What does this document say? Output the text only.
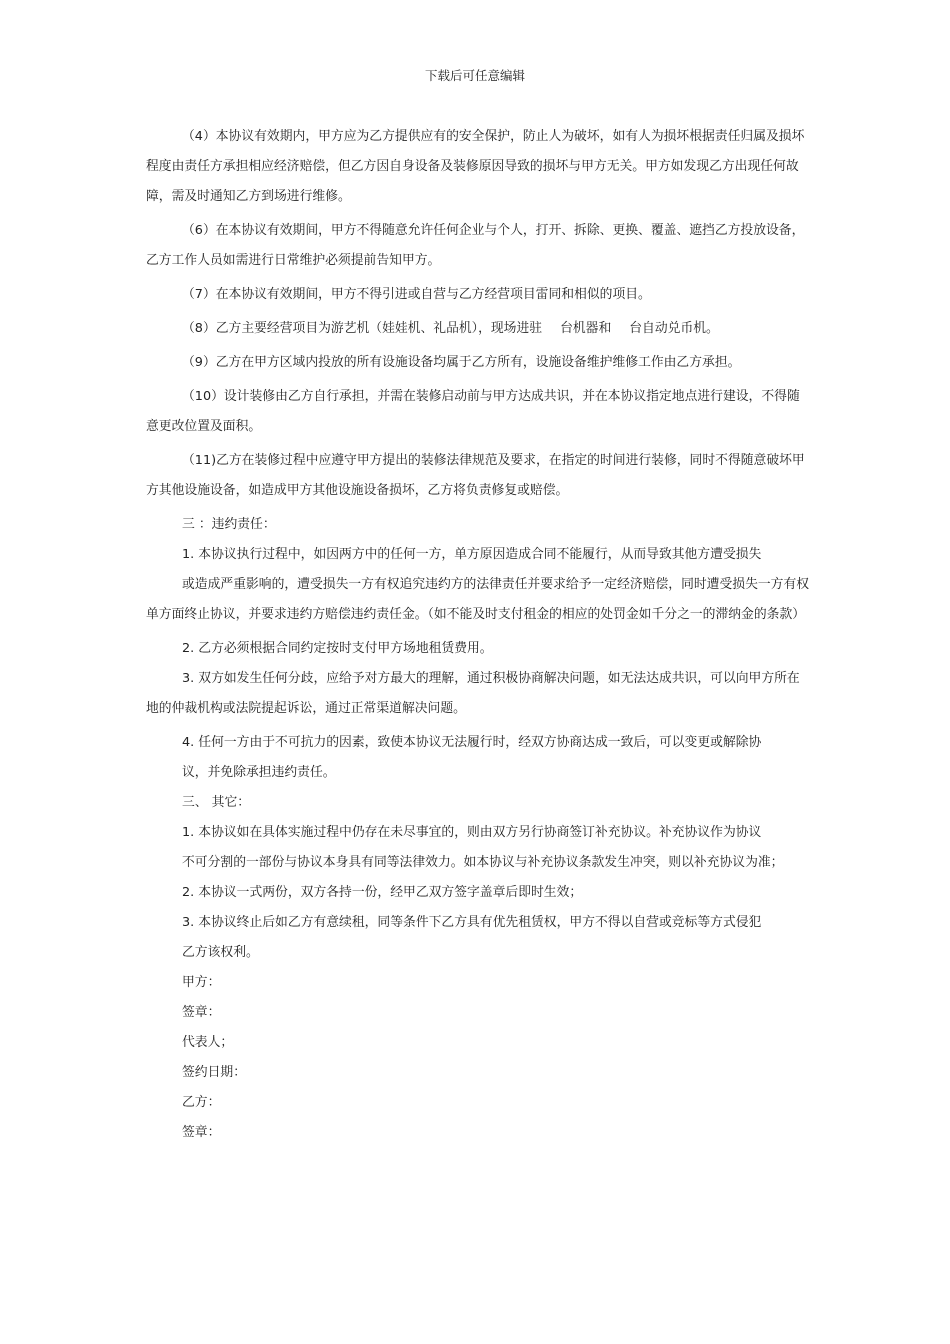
下载后可任意编辑

（4）本协议有效期内，甲方应为乙方提供应有的安全保护，防止人为破坏，如有人为损坏根据责任归属及损坏程度由责任方承担相应经济赔偿，但乙方因自身设备及装修原因导致的损坏与甲方无关。甲方如发现乙方出现任何故障，需及时通知乙方到场进行维修。

（6）在本协议有效期间，甲方不得随意允许任何企业与个人，打开、拆除、更换、覆盖、遮挡乙方投放设备，乙方工作人员如需进行日常维护必须提前告知甲方。

（7）在本协议有效期间，甲方不得引进或自营与乙方经营项目雷同和相似的项目。

（8）乙方主要经营项目为游艺机（娃娃机、礼品机），现场进驻 台机器和 台自动兑币机。

（9）乙方在甲方区域内投放的所有设施设备均属于乙方所有，设施设备维护维修工作由乙方承担。

（10）设计装修由乙方自行承担，并需在装修启动前与甲方达成共识，并在本协议指定地点进行建设，不得随意更改位置及面积。

（11)乙方在装修过程中应遵守甲方提出的装修法律规范及要求，在指定的时间进行装修，同时不得随意破坏甲方其他设施设备，如造成甲方其他设施设备损坏，乙方将负责修复或赔偿。

三 ：违约责任：

1. 本协议执行过程中，如因两方中的任何一方，单方原因造成合同不能履行，从而导致其他方遭受损失

或造成严重影响的，遭受损失一方有权追究违约方的法律责任并要求给予一定经济赔偿，同时遭受损失一方有权单方面终止协议，并要求违约方赔偿违约责任金。（如不能及时支付租金的相应的处罚金如千分之一的滞纳金的条款）

2. 乙方必须根据合同约定按时支付甲方场地租赁费用。

3. 双方如发生任何分歧，应给予对方最大的理解，通过积极协商解决问题，如无法达成共识，可以向甲方所在地的仲裁机构或法院提起诉讼，通过正常渠道解决问题。

4. 任何一方由于不可抗力的因素，致使本协议无法履行时，经双方协商达成一致后，可以变更或解除协

议，并免除承担违约责任。

三、 其它：

1. 本协议如在具体实施过程中仍存在未尽事宜的，则由双方另行协商签订补充协议。补充协议作为协议

不可分割的一部份与协议本身具有同等法律效力。如本协议与补充协议条款发生冲突，则以补充协议为准；

2. 本协议一式两份，双方各持一份，经甲乙双方签字盖章后即时生效；

3. 本协议终止后如乙方有意续租，同等条件下乙方具有优先租赁权，甲方不得以自营或竞标等方式侵犯

乙方该权利。

甲方：

签章：

代表人；

签约日期：

乙方：

签章：
